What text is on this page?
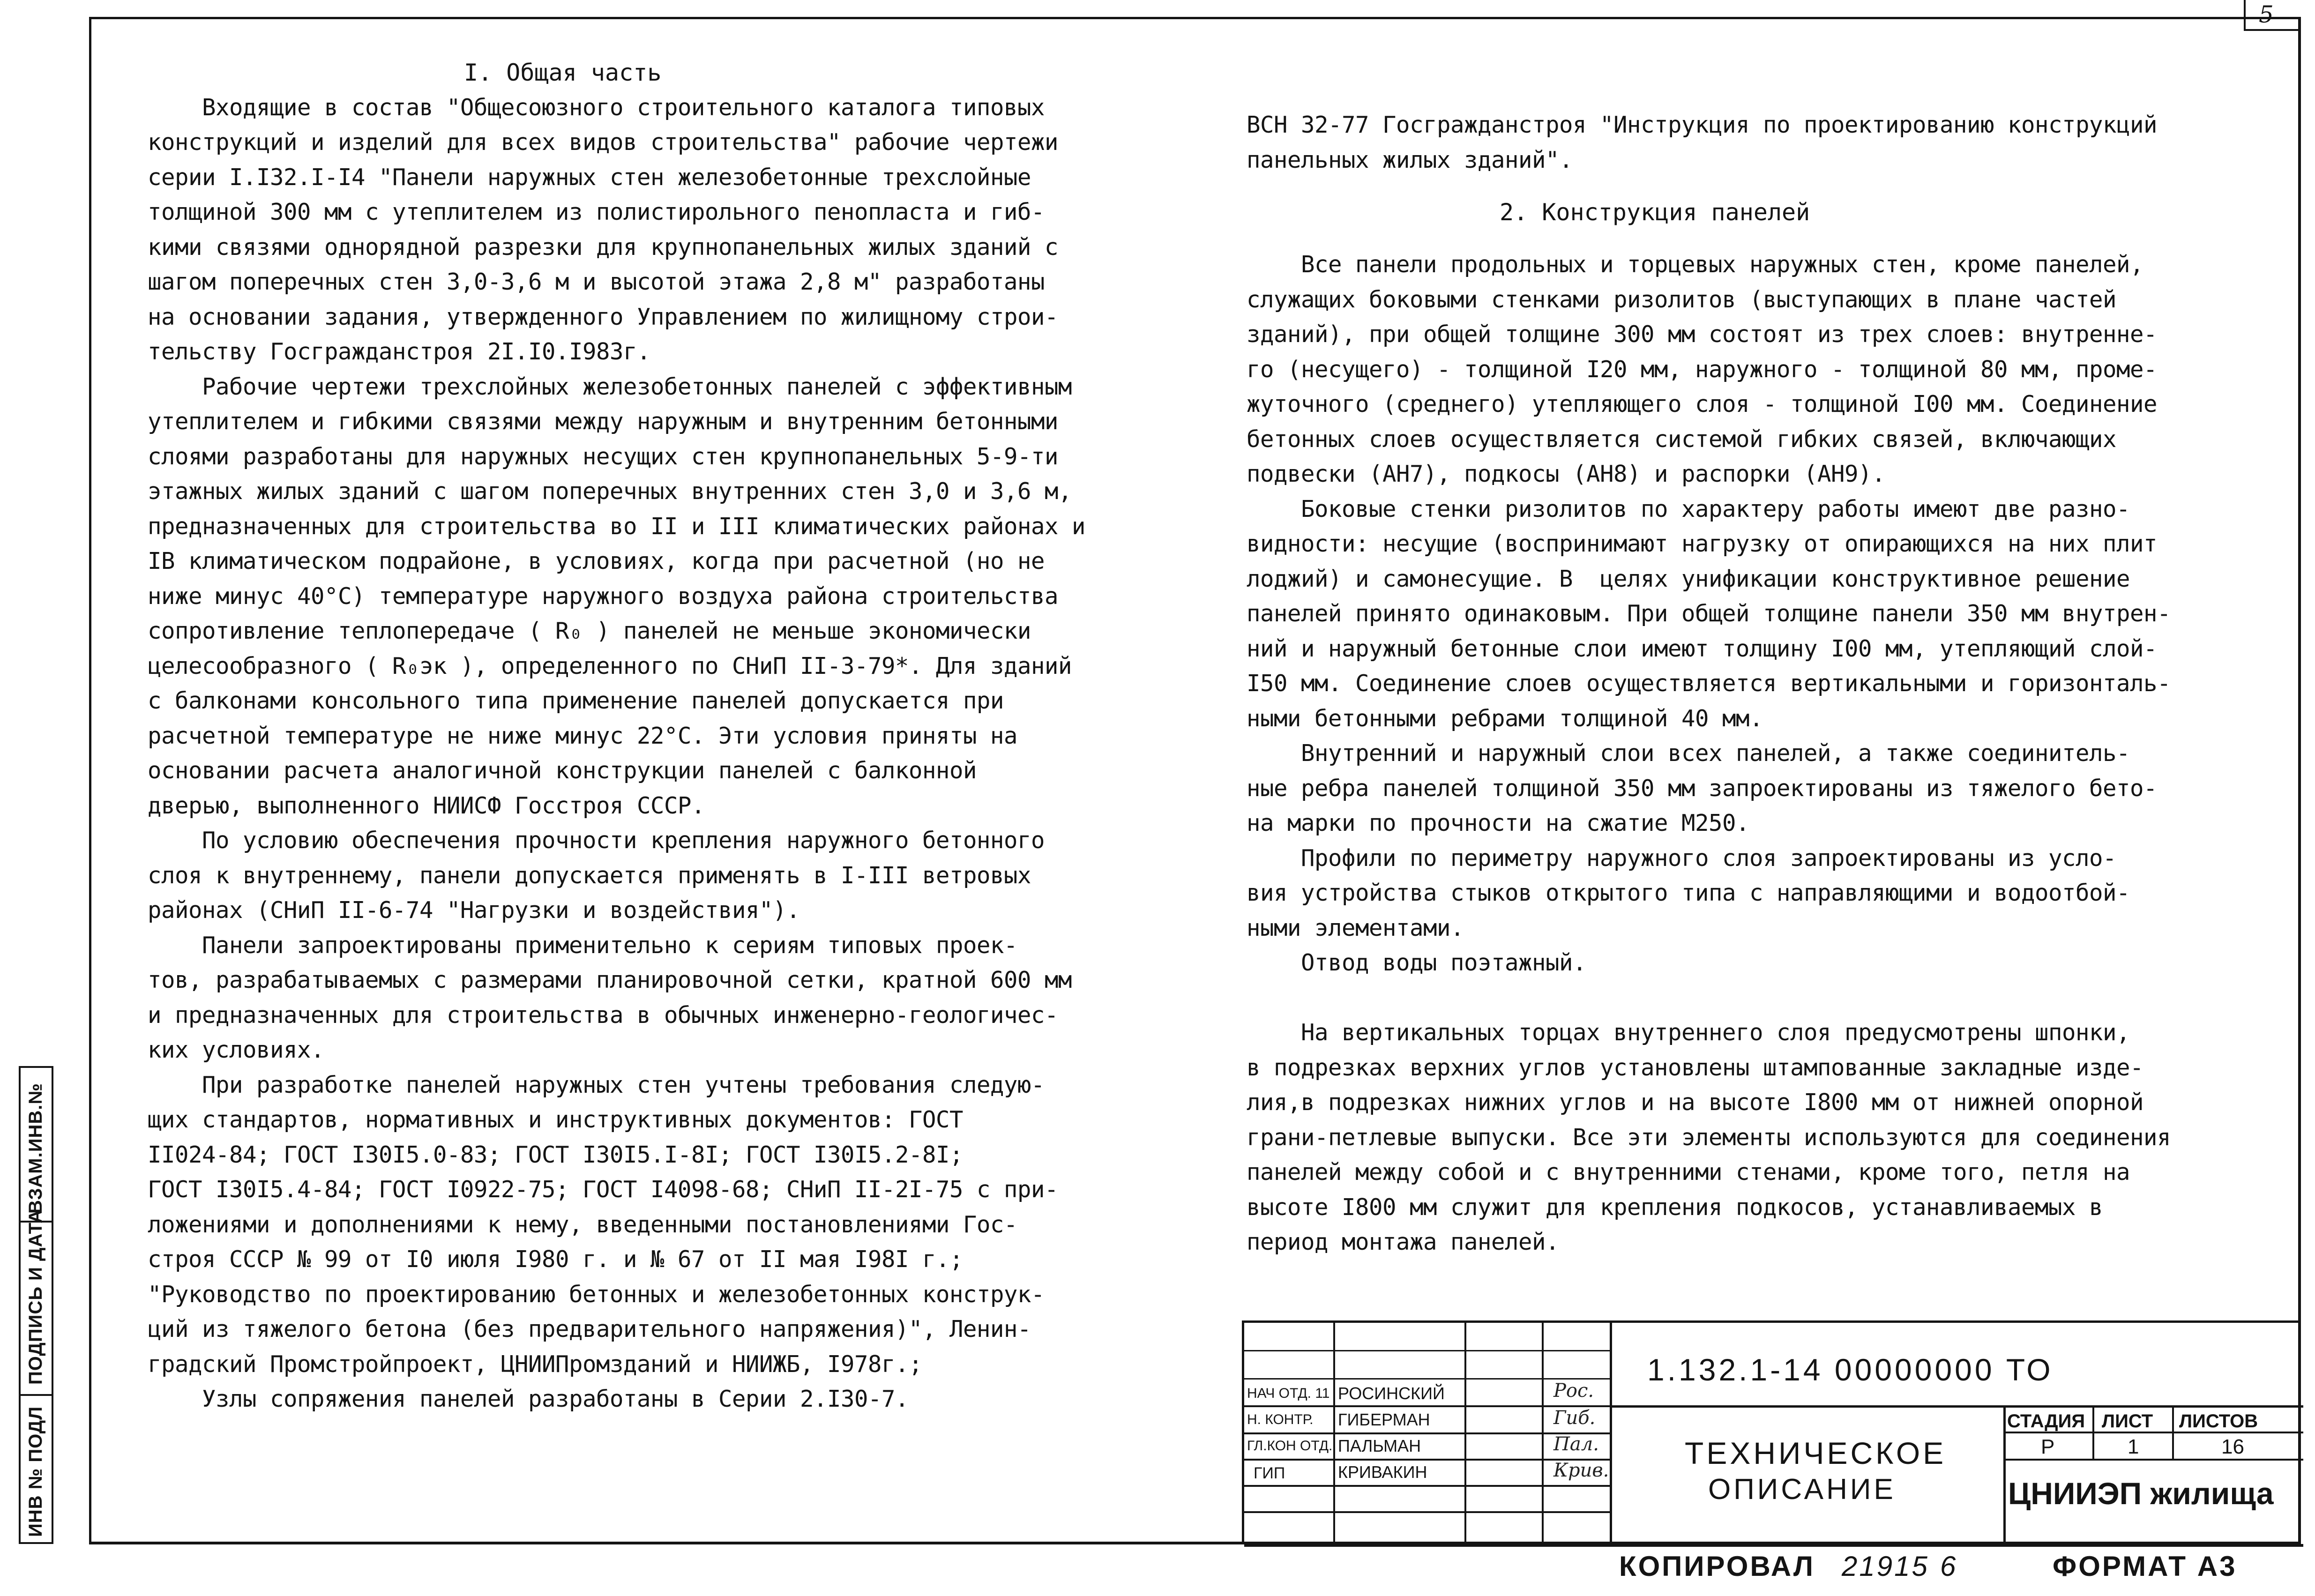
5
I. Общая часть

Входящие в состав "Общесоюзного строительного каталога типовых

конструкций и изделий для всех видов строительства" рабочие чертежи

серии I.I32.I-I4 "Панели наружных стен железобетонные трехслойные

толщиной 300 мм с утеплителем из полистирольного пенопласта и гиб-

кими связями однорядной разрезки для крупнопанельных жилых зданий с

шагом поперечных стен 3,0-3,6 м и высотой этажа 2,8 м" разработаны

на основании задания, утвержденного Управлением по жилищному строи-

тельству Госгражданстроя 2I.I0.I983г.

Рабочие чертежи трехслойных железобетонных панелей с эффективным

утеплителем и гибкими связями между наружным и внутренним бетонными

слоями разработаны для наружных несущих стен крупнопанельных 5-9-ти

этажных жилых зданий с шагом поперечных внутренних стен 3,0 и 3,6 м,

предназначенных для строительства во II и III климатических районах и

IВ климатическом подрайоне, в условиях, когда при расчетной (но не

ниже минус 40°С) температуре наружного воздуха района строительства

сопротивление теплопередаче ( R₀ ) панелей не меньше экономически

целесообразного ( R₀эк ), определенного по СНиП II-3-79*. Для зданий

с балконами консольного типа применение панелей допускается при

расчетной температуре не ниже минус 22°С. Эти условия приняты на

основании расчета аналогичной конструкции панелей с балконной

дверью, выполненного НИИСФ Госстроя СССР.

По условию обеспечения прочности крепления наружного бетонного

слоя к внутреннему, панели допускается применять в I-III ветровых

районах (СНиП II-6-74 "Нагрузки и воздействия").

Панели запроектированы применительно к сериям типовых проек-

тов, разрабатываемых с размерами планировочной сетки, кратной 600 мм

и предназначенных для строительства в обычных инженерно-геологичес-

ких условиях.

При разработке панелей наружных стен учтены требования следую-

щих стандартов, нормативных и инструктивных документов: ГОСТ

II024-84; ГОСТ I30I5.0-83; ГОСТ I30I5.I-8I; ГОСТ I30I5.2-8I;

ГОСТ I30I5.4-84; ГОСТ I0922-75; ГОСТ I4098-68; СНиП II-2I-75 с при-

ложениями и дополнениями к нему, введенными постановлениями Гос-

строя СССР № 99 от I0 июля I980 г. и № 67 от II мая I98I г.;

"Руководство по проектированию бетонных и железобетонных конструк-

ций из тяжелого бетона (без предварительного напряжения)", Ленин-

градский Промстройпроект, ЦНИИПромзданий и НИИЖБ, I978г.;

Узлы сопряжения панелей разработаны в Серии 2.I30-7.

ВСН 32-77 Госгражданстроя "Инструкция по проектированию конструкций

панельных жилых зданий".

Все панели продольных и торцевых наружных стен, кроме панелей,

служащих боковыми стенками ризолитов (выступающих в плане частей

зданий), при общей толщине 300 мм состоят из трех слоев: внутренне-

го (несущего) - толщиной I20 мм, наружного - толщиной 80 мм, проме-

жуточного (среднего) утепляющего слоя - толщиной I00 мм. Соединение

бетонных слоев осуществляется системой гибких связей, включающих

подвески (АН7), подкосы (АН8) и распорки (АН9).

Боковые стенки ризолитов по характеру работы имеют две разно-

видности: несущие (воспринимают нагрузку от опирающихся на них плит

лоджий) и самонесущие. В  целях унификации конструктивное решение

панелей принято одинаковым. При общей толщине панели 350 мм внутрен-

ний и наружный бетонные слои имеют толщину I00 мм, утепляющий слой-

I50 мм. Соединение слоев осуществляется вертикальными и горизонталь-

ными бетонными ребрами толщиной 40 мм.

Внутренний и наружный слои всех панелей, а также соединитель-

ные ребра панелей толщиной 350 мм запроектированы из тяжелого бето-

на марки по прочности на сжатие М250.

Профили по периметру наружного слоя запроектированы из усло-

вия устройства стыков открытого типа с направляющими и водоотбой-

ными элементами.

Отвод воды поэтажный.

На вертикальных торцах внутреннего слоя предусмотрены шпонки,

в подрезках верхних углов установлены штампованные закладные изде-

лия,в подрезках нижних углов и на высоте I800 мм от нижней опорной

грани-петлевые выпуски. Все эти элементы используются для соединения

панелей между собой и с внутренними стенами, кроме того, петля на

высоте I800 мм служит для крепления подкосов, устанавливаемых в

период монтажа панелей.

2. Конструкция панелей
ИНВ № ПОДЛ
ПОДПИСЬ И ДАТА
ВЗАМ.ИНВ.№
1.132.1-14 00000000 ТО
ТЕХНИЧЕСКОЕ
ОПИСАНИЕ
СТАДИЯ ЛИСТ ЛИСТОВ
Р	1	16
ЦНИИЭП жилища
НАЧ ОТД. 11 РОСИНСКИЙ	Рос.
Н. КОНТР. ГИБЕРМАН	Гиб.
ГЛ.КОН ОТД. ПАЛЬМАН	Пал.
ГИП	КРИВАКИН	Крив.
КОПИРОВАЛ 21915 6	ФОРМАТ А3
